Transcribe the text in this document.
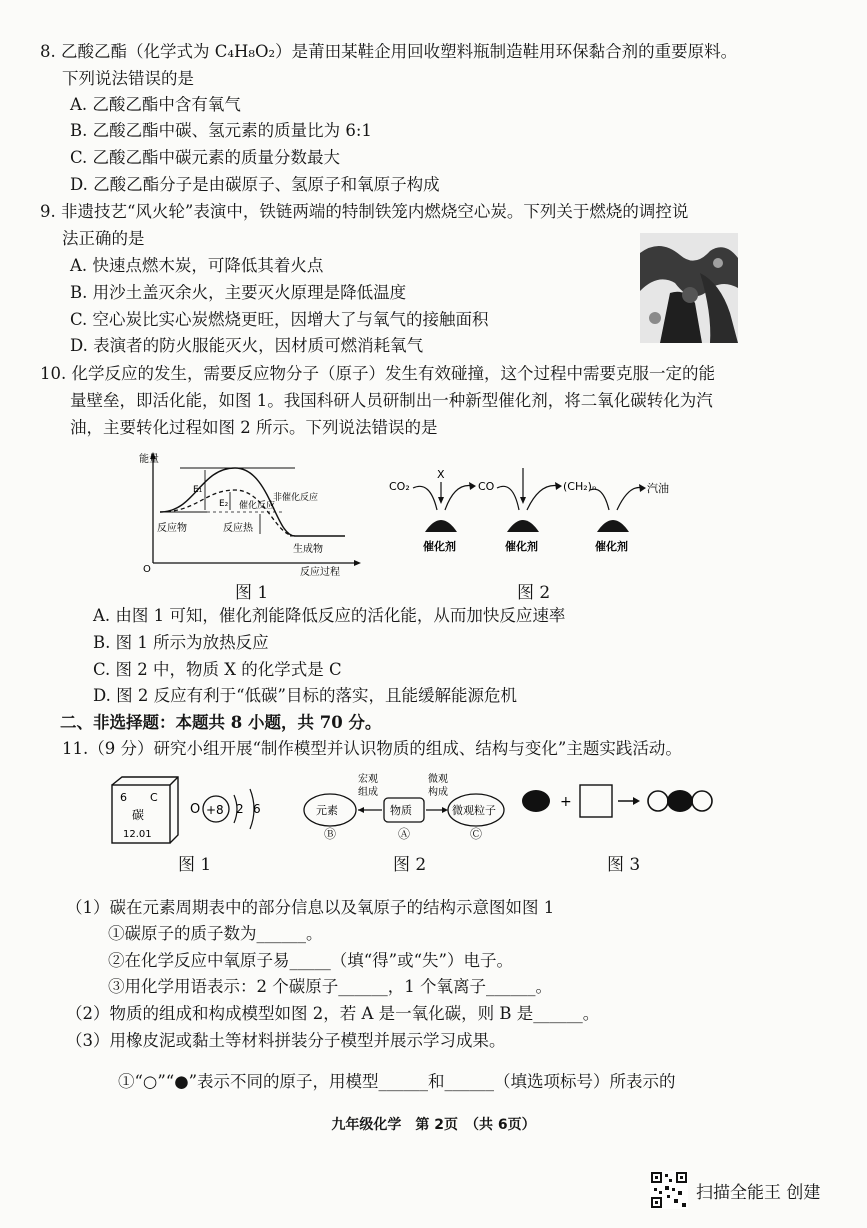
8. 乙酸乙酯（化学式为 C₄H₈O₂）是莆田某鞋企用回收塑料瓶制造鞋用环保黏合剂的重要原料。
下列说法错误的是
A. 乙酸乙酯中含有氧气
B. 乙酸乙酯中碳、氢元素的质量比为 6:1
C. 乙酸乙酯中碳元素的质量分数最大
D. 乙酸乙酯分子是由碳原子、氢原子和氧原子构成
9. 非遗技艺“风火轮”表演中，铁链两端的特制铁笼内燃烧空心炭。下列关于燃烧的调控说
法正确的是
A. 快速点燃木炭，可降低其着火点
B. 用沙土盖灭余火，主要灭火原理是降低温度
C. 空心炭比实心炭燃烧更旺，因增大了与氧气的接触面积
D. 表演者的防火服能灭火，因材质可燃消耗氧气
10. 化学反应的发生，需要反应物分子（原子）发生有效碰撞，这个过程中需要克服一定的能
量壁垒，即活化能，如图 1。我国科研人员研制出一种新型催化剂，将二氧化碳转化为汽
油，主要转化过程如图 2 所示。下列说法错误的是
能量
E₁
E₂
非催化反应
催化反应
反应物	反应热
生成物
O	反应过程
图 1
CO₂
X
CO	(CH₂)ₙ	汽油
催化剂	催化剂	催化剂
图 2
A. 由图 1 可知，催化剂能降低反应的活化能，从而加快反应速率
B. 图 1 所示为放热反应
C. 图 2 中，物质 X 的化学式是 C
D. 图 2 反应有利于“低碳”目标的落实，且能缓解能源危机
二、非选择题：本题共 8 小题，共 70 分。
11.（9 分）研究小组开展“制作模型并认识物质的组成、结构与变化”主题实践活动。
6 C
碳
12.01
O +8 2 6
图 1
元素	物质	微观粒子
宏观
组成
微观
构成
Ⓑ	Ⓐ	Ⓒ
图 2
+
图 3
（1）碳在元素周期表中的部分信息以及氧原子的结构示意图如图 1
①碳原子的质子数为______。
②在化学反应中氧原子易_____（填“得”或“失”）电子。
③用化学用语表示：2 个碳原子______，1 个氧离子______。
（2）物质的组成和构成模型如图 2，若 A 是一氧化碳，则 B 是______。
（3）用橡皮泥或黏土等材料拼装分子模型并展示学习成果。
①“○”“●”表示不同的原子，用模型______和______（填选项标号）所表示的
九年级化学　第 2页　（共 6页）
扫描全能王 创建
